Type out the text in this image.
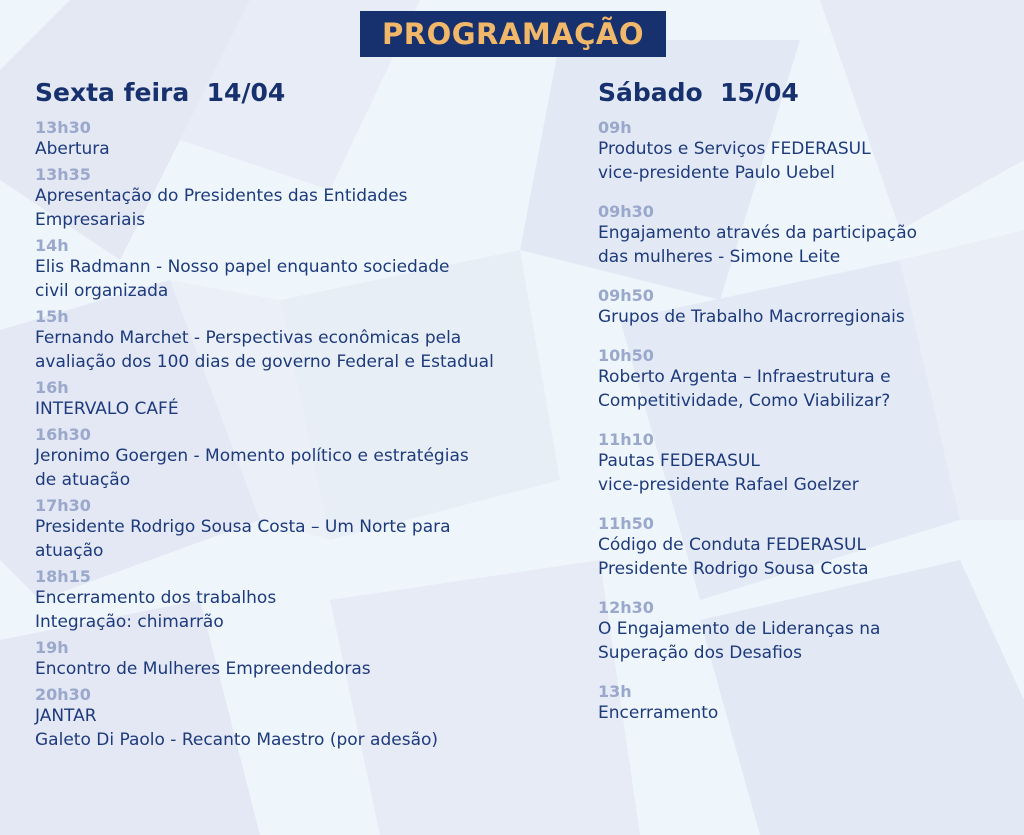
PROGRAMAÇÃO
Sexta feira  14/04
13h30
Abertura
13h35
Apresentação do Presidentes das Entidades
Empresariais
14h
Elis Radmann - Nosso papel enquanto sociedade
civil organizada
15h
Fernando Marchet - Perspectivas econômicas pela
avaliação dos 100 dias de governo Federal e Estadual
16h
INTERVALO CAFÉ
16h30
Jeronimo Goergen - Momento político e estratégias
de atuação
17h30
Presidente Rodrigo Sousa Costa – Um Norte para
atuação
18h15
Encerramento dos trabalhos
Integração: chimarrão
19h
Encontro de Mulheres Empreendedoras
20h30
JANTAR
Galeto Di Paolo - Recanto Maestro (por adesão)
Sábado  15/04
09h
Produtos e Serviços FEDERASUL
vice-presidente Paulo Uebel
09h30
Engajamento através da participação
das mulheres - Simone Leite
09h50
Grupos de Trabalho Macrorregionais
10h50
Roberto Argenta – Infraestrutura e
Competitividade, Como Viabilizar?
11h10
Pautas FEDERASUL
vice-presidente Rafael Goelzer
11h50
Código de Conduta FEDERASUL
Presidente Rodrigo Sousa Costa
12h30
O Engajamento de Lideranças na
Superação dos Desafios
13h
Encerramento
